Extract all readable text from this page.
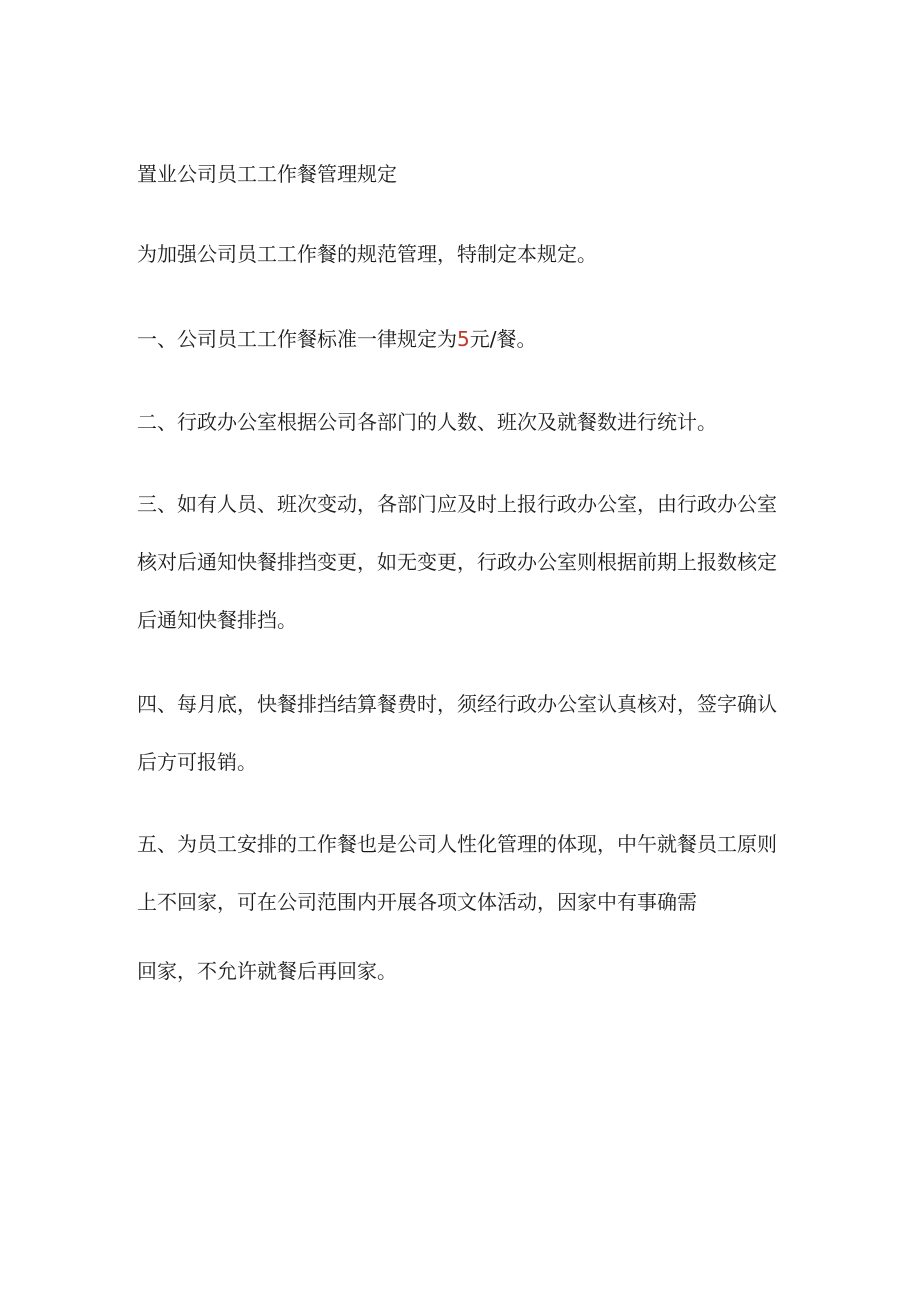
置业公司员工工作餐管理规定

为加强公司员工工作餐的规范管理，特制定本规定。

一、公司员工工作餐标准一律规定为5元/餐。

二、行政办公室根据公司各部门的人数、班次及就餐数进行统计。

三、如有人员、班次变动，各部门应及时上报行政办公室，由行政办公室

核对后通知快餐排挡变更，如无变更，行政办公室则根据前期上报数核定

后通知快餐排挡。

四、每月底，快餐排挡结算餐费时，须经行政办公室认真核对，签字确认

后方可报销。

五、为员工安排的工作餐也是公司人性化管理的体现，中午就餐员工原则

上不回家，可在公司范围内开展各项文体活动，因家中有事确需

回家，不允许就餐后再回家。
